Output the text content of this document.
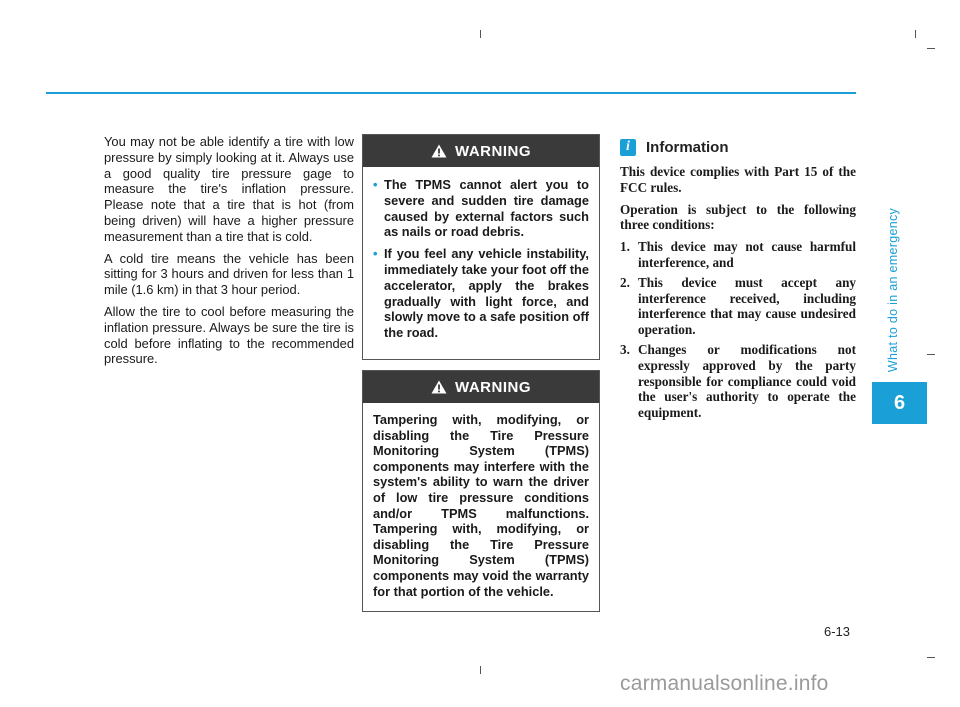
What to do in an emergency
6
6-13

You may not be able identify a tire with low pressure by simply looking at it. Always use a good quality tire pressure gage to measure the tire's inflation pressure. Please note that a tire that is hot (from being driven) will have a higher pressure measurement than a tire that is cold.

A cold tire means the vehicle has been sitting for 3 hours and driven for less than 1 mile (1.6 km) in that 3 hour period.

Allow the tire to cool before measuring the inflation pressure. Always be sure the tire is cold before inflating to the recommended pressure.

WARNING
• The TPMS cannot alert you to severe and sudden tire damage caused by external factors such as nails or road debris.
• If you feel any vehicle instability, immediately take your foot off the accelerator, apply the brakes gradually with light force, and slowly move to a safe position off the road.
WARNING

Tampering with, modifying, or disabling the Tire Pressure Monitoring System (TPMS) components may interfere with the system's ability to warn the driver of low tire pressure conditions and/or TPMS malfunctions. Tampering with, modifying, or disabling the Tire Pressure Monitoring System (TPMS) components may void the warranty for that portion of the vehicle.

i	Information

This device complies with Part 15 of the FCC rules.

Operation is subject to the following three conditions:

1. This device may not cause harmful interference, and
2. This device must accept any interference received, including interference that may cause undesired operation.
3. Changes or modifications not expressly approved by the party responsible for compliance could void the user's authority to operate the equipment.
carmanualsonline.info
